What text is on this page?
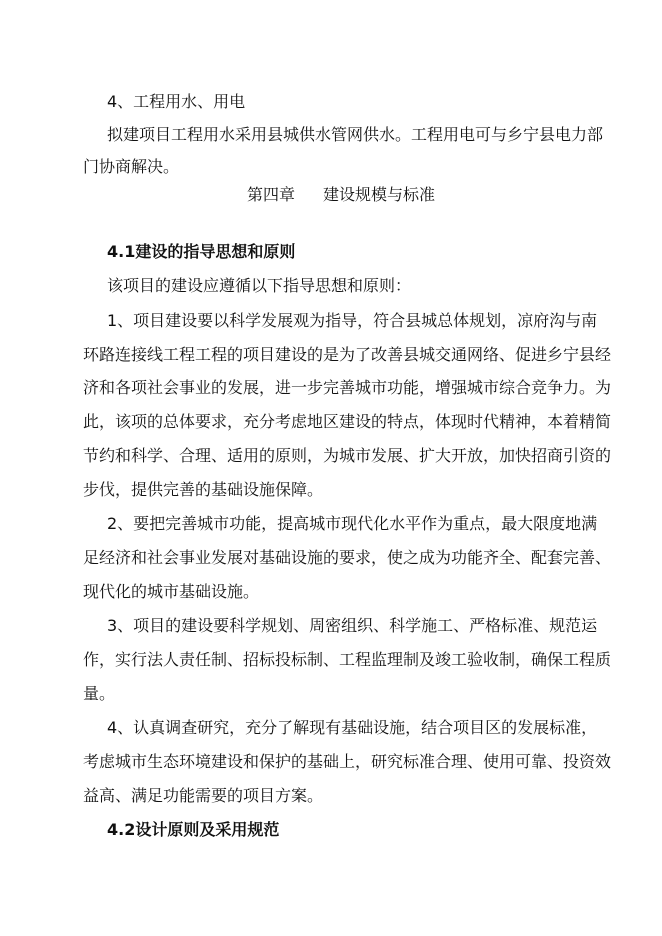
4、工程用水、用电

拟建项目工程用水采用县城供水管网供水。工程用电可与乡宁县电力部

门协商解决。

第四章 建设规模与标准

4.1建设的指导思想和原则

该项目的建设应遵循以下指导思想和原则：

1、项目建设要以科学发展观为指导，符合县城总体规划，凉府沟与南

环路连接线工程工程的项目建设的是为了改善县城交通网络、促进乡宁县经

济和各项社会事业的发展，进一步完善城市功能，增强城市综合竞争力。为

此，该项的总体要求，充分考虑地区建设的特点，体现时代精神，本着精简

节约和科学、合理、适用的原则，为城市发展、扩大开放，加快招商引资的

步伐，提供完善的基础设施保障。

2、要把完善城市功能，提高城市现代化水平作为重点，最大限度地满

足经济和社会事业发展对基础设施的要求，使之成为功能齐全、配套完善、

现代化的城市基础设施。

3、项目的建设要科学规划、周密组织、科学施工、严格标准、规范运

作，实行法人责任制、招标投标制、工程监理制及竣工验收制，确保工程质

量。

4、认真调查研究，充分了解现有基础设施，结合项目区的发展标准，

考虑城市生态环境建设和保护的基础上，研究标准合理、使用可靠、投资效

益高、满足功能需要的项目方案。

4.2设计原则及采用规范
